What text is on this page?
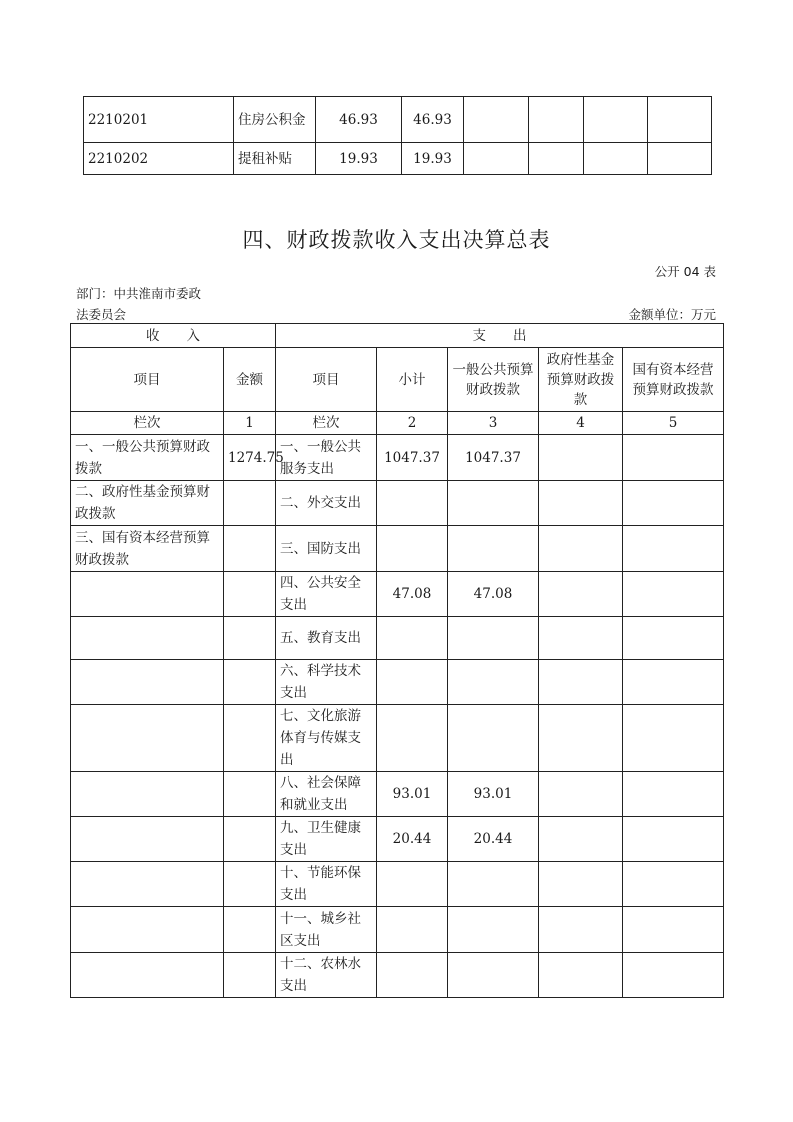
2210201	住房公积金	46.93	46.93				
2210202	提租补贴	19.93	19.93				
四、财政拨款收入支出决算总表
公开 04 表
部门：中共淮南市委政
法委员会	金额单位：万元
收　　入		支　　出				
项目	金额	项目	小计	一般公共预算财政拨款	政府性基金预算财政拨款	国有资本经营预算财政拨款
栏次	1	栏次	2	3	4	5
一、一般公共预算财政拨款	1274.75	一、一般公共服务支出	1047.37	1047.37		
二、政府性基金预算财政拨款		二、外交支出				
三、国有资本经营预算财政拨款		三、国防支出				
		四、公共安全支出	47.08	47.08		
		五、教育支出				
		六、科学技术支出				
		七、文化旅游体育与传媒支出				
		八、社会保障和就业支出	93.01	93.01		
		九、卫生健康支出	20.44	20.44		
		十、节能环保支出				
		十一、城乡社区支出				
		十二、农林水支出				
